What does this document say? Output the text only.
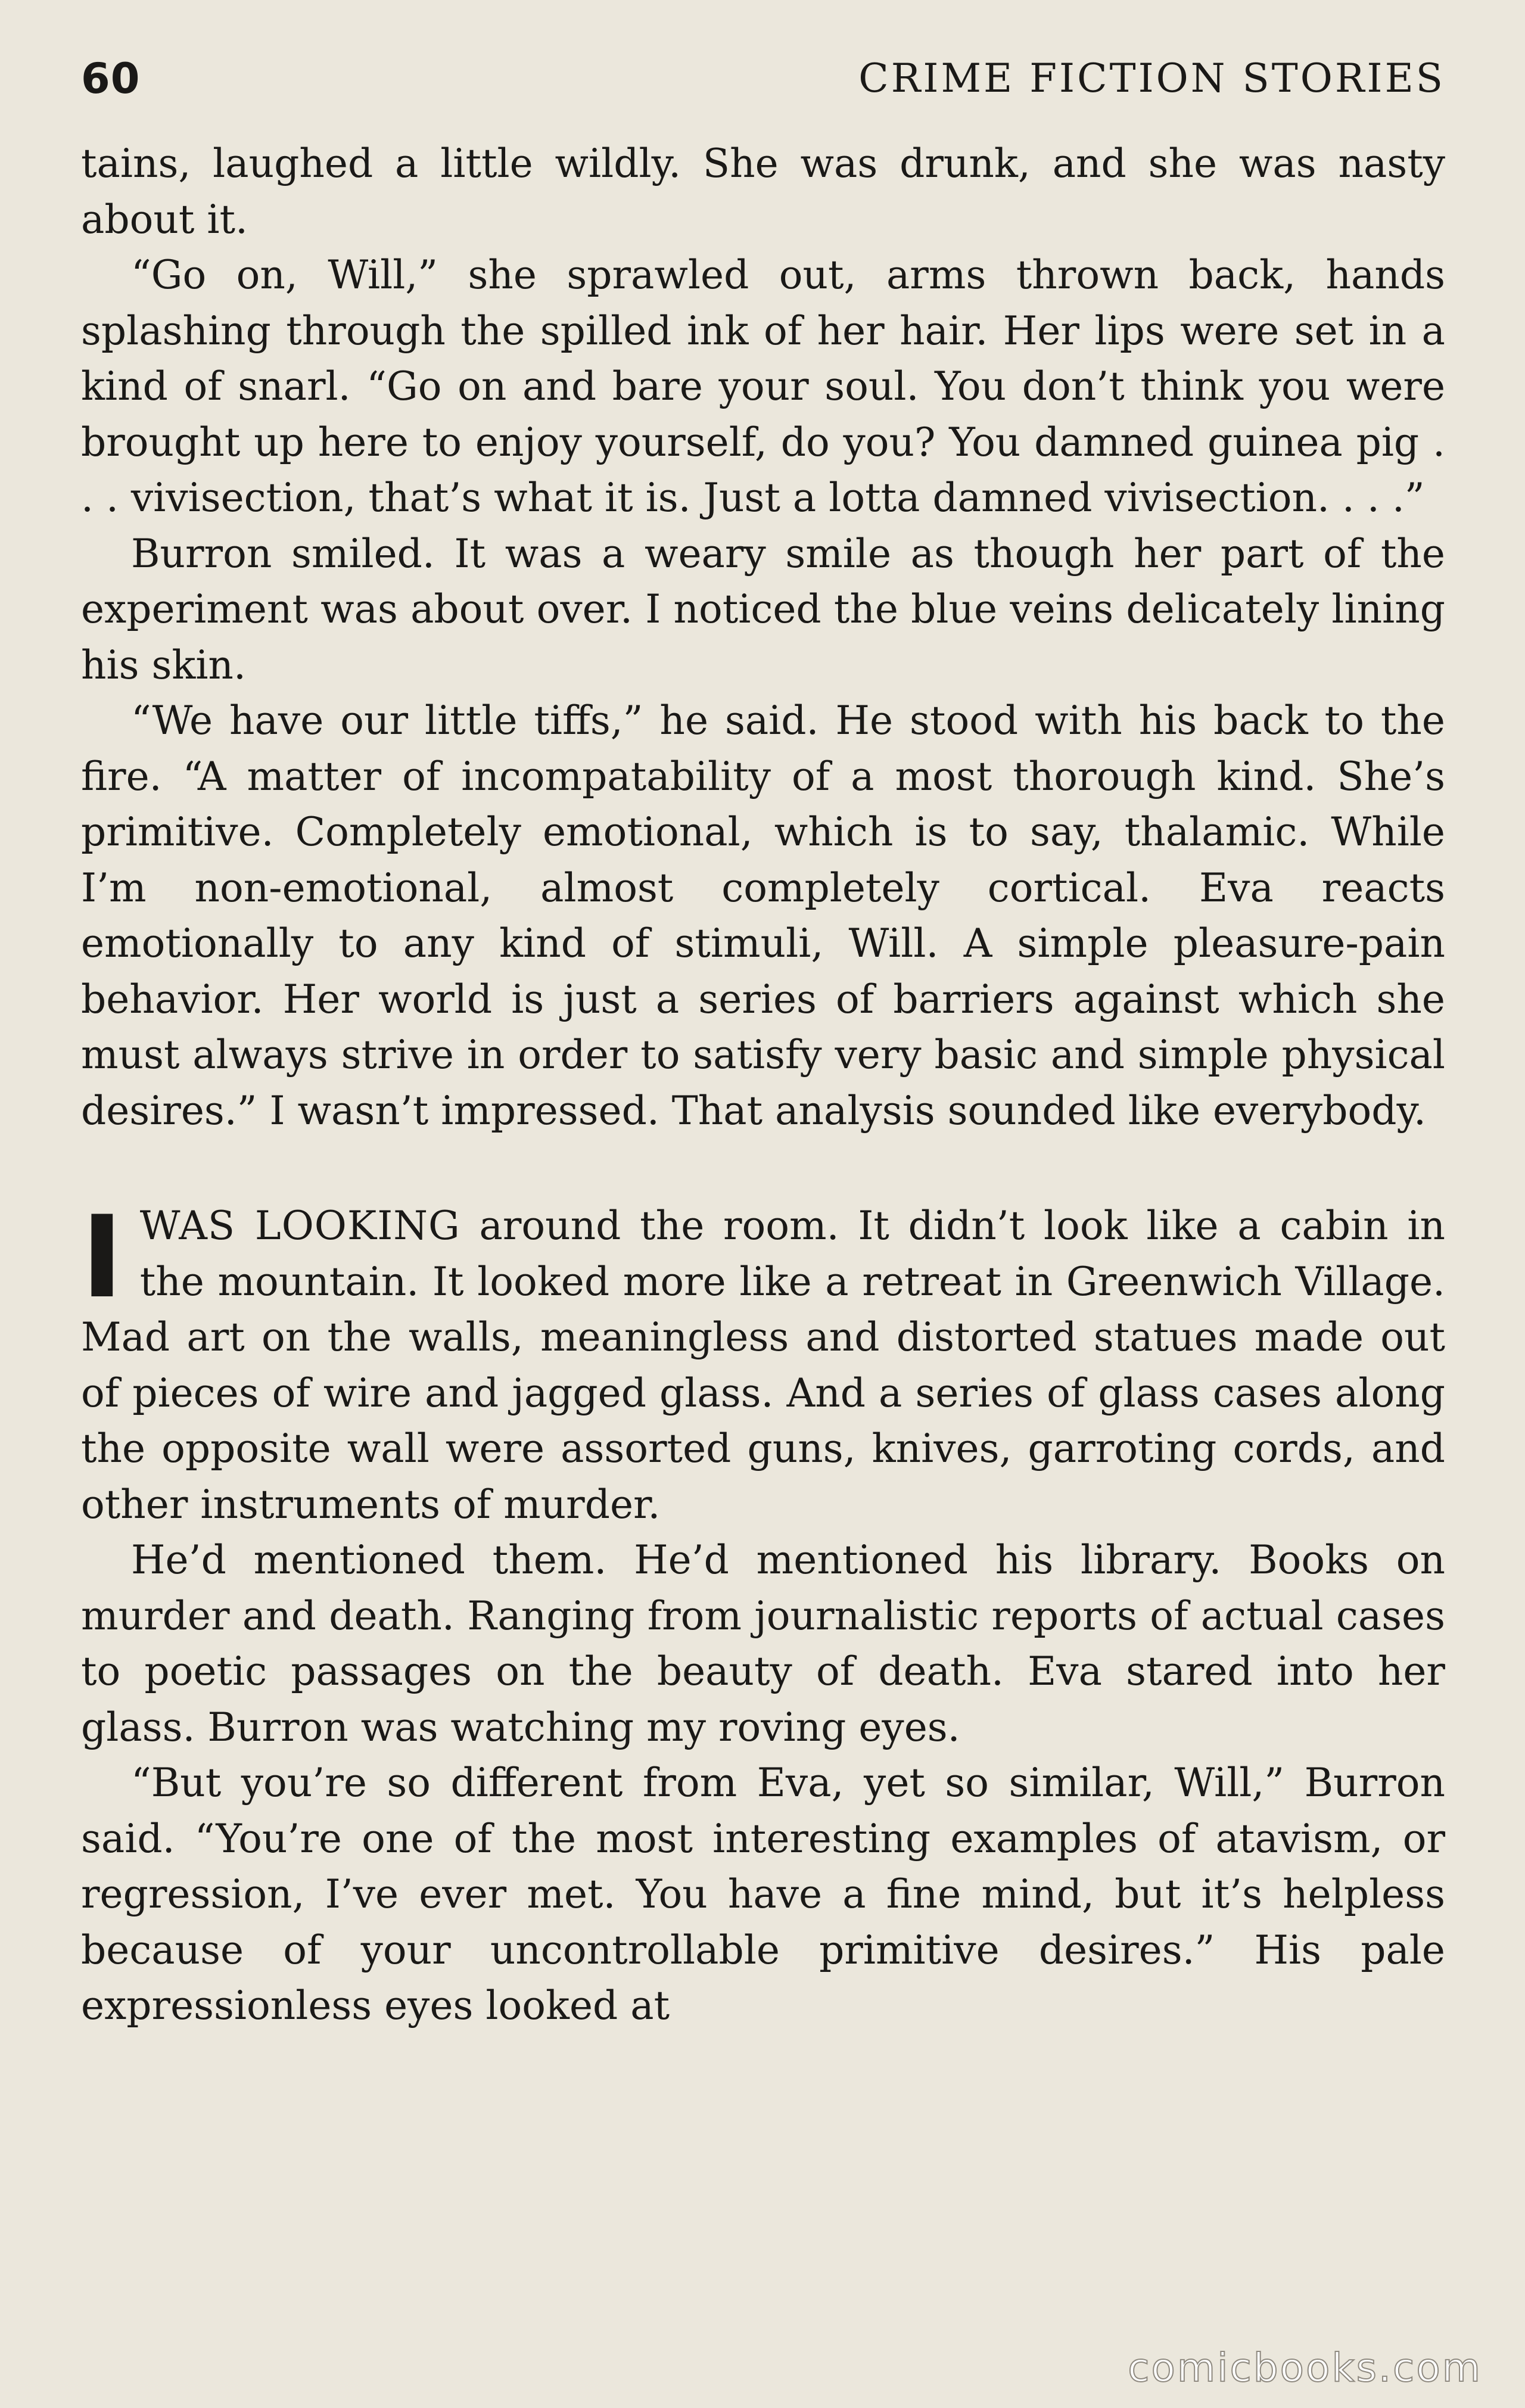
60	CRIME FICTION STORIES

tains, laughed a little wildly. She was drunk, and she was nasty about it.

“Go on, Will,” she sprawled out, arms thrown back, hands splashing through the spilled ink of her hair. Her lips were set in a kind of snarl. “Go on and bare your soul. You don’t think you were brought up here to enjoy yourself, do you? You damned guinea pig . . . vivisection, that’s what it is. Just a lotta damned vivisection. . . .”

Burron smiled. It was a weary smile as though her part of the experiment was about over. I noticed the blue veins delicately lining his skin.

“We have our little tiffs,” he said. He stood with his back to the fire. “A matter of incompatability of a most thorough kind. She’s primitive. Completely emotional, which is to say, thalamic. While I’m non-emotional, almost completely cortical. Eva reacts emotionally to any kind of stimuli, Will. A simple pleasure-pain behavior. Her world is just a series of barriers against which she must always strive in order to satisfy very basic and simple physical desires.” I wasn’t impressed. That analysis sounded like everybody.

IWAS LOOKING around the room. It didn’t look like a cabin in the mountain. It looked more like a retreat in Greenwich Village. Mad art on the walls, meaningless and distorted statues made out of pieces of wire and jagged glass. And a series of glass cases along the opposite wall were assorted guns, knives, garroting cords, and other instruments of murder.

He’d mentioned them. He’d mentioned his library. Books on murder and death. Ranging from journalistic reports of actual cases to poetic passages on the beauty of death. Eva stared into her glass. Burron was watching my roving eyes.

“But you’re so different from Eva, yet so similar, Will,” Burron said. “You’re one of the most interesting examples of atavism, or regression, I’ve ever met. You have a fine mind, but it’s helpless because of your uncontrollable primitive desires.” His pale expressionless eyes looked at

comicbooks.com
